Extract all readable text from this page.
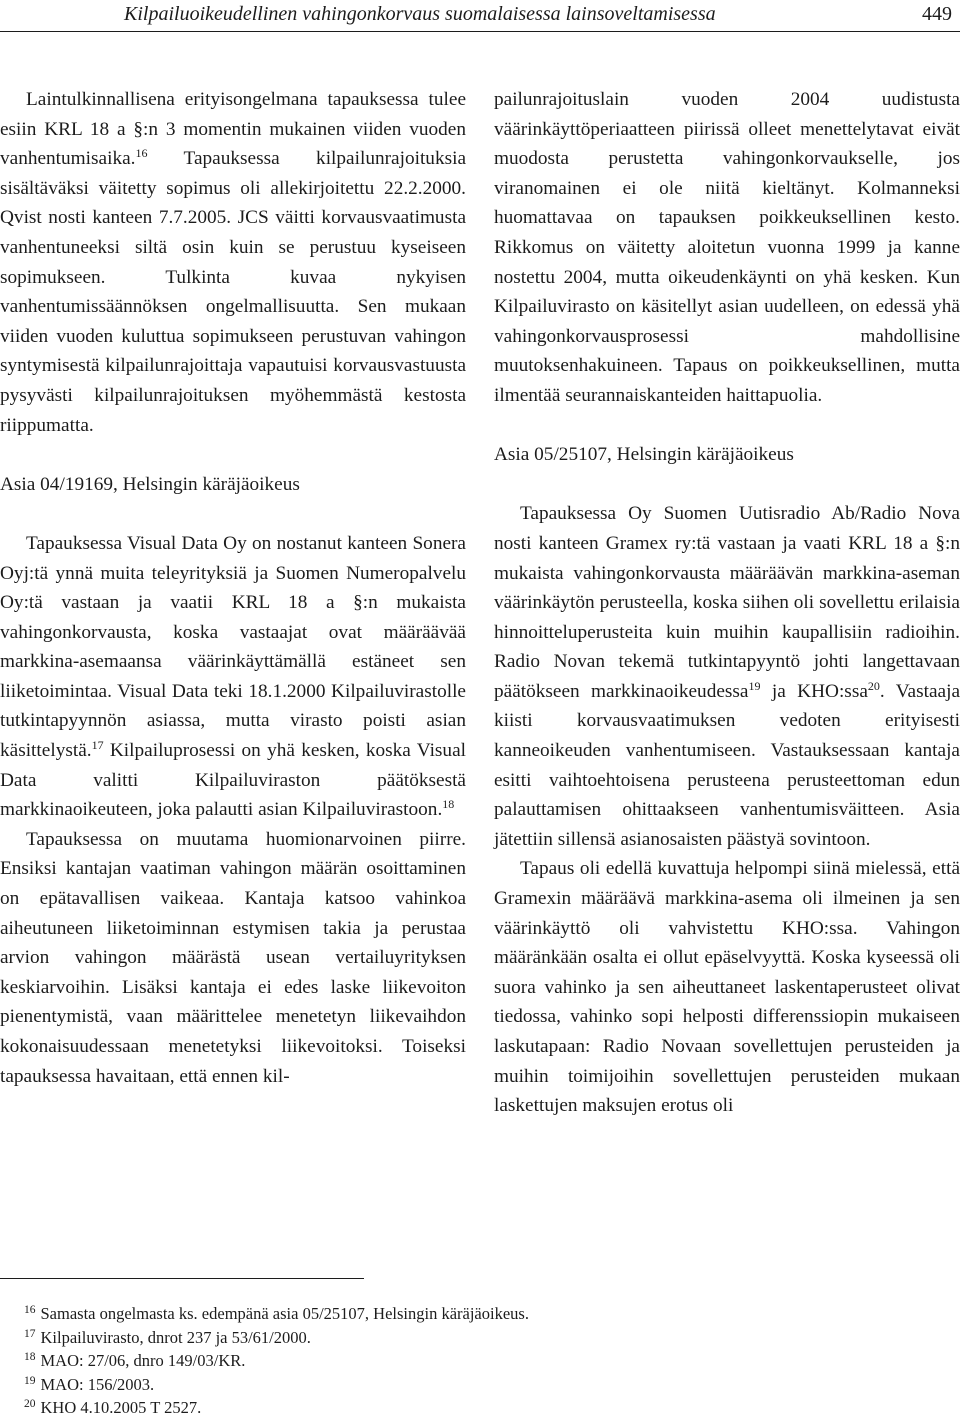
Kilpailuoikeudellinen vahingonkorvaus suomalaisessa lainsoveltamisessa	449

Laintulkinnallisena erityisongelmana tapauksessa tulee esiin KRL 18 a §:n 3 momentin mukainen viiden vuoden vanhentumisaika.$^{16}$ Tapauksessa kilpailunrajoituksia sisältäväksi väitetty sopimus oli allekirjoitettu 22.2.2000. Qvist nosti kanteen 7.7.2005. JCS väitti korvausvaatimusta vanhentuneeksi siltä osin kuin se perustuu kyseiseen sopimukseen. Tulkinta kuvaa nykyisen vanhentumissäännöksen ongelmallisuutta. Sen mukaan viiden vuoden kuluttua sopimukseen perustuvan vahingon syntymisestä kilpailunrajoittaja vapautuisi korvausvastuusta pysyvästi kilpailunrajoituksen myöhemmästä kestosta riippumatta.

Asia 04/19169, Helsingin käräjäoikeus

Tapauksessa Visual Data Oy on nostanut kanteen Sonera Oyj:tä ynnä muita teleyrityksiä ja Suomen Numeropalvelu Oy:tä vastaan ja vaatii KRL 18 a §:n mukaista vahingonkorvausta, koska vastaajat ovat määräävää markkina-asemaansa väärinkäyttämällä estäneet sen liiketoimintaa. Visual Data teki 18.1.2000 Kilpailuvirastolle tutkintapyynnön asiassa, mutta virasto poisti asian käsittelystä.$^{17}$ Kilpailuprosessi on yhä kesken, koska Visual Data valitti Kilpailuviraston päätöksestä markkinaoikeuteen, joka palautti asian Kilpailuvirastoon.$^{18}$

Tapauksessa on muutama huomionarvoinen piirre. Ensiksi kantajan vaatiman vahingon määrän osoittaminen on epätavallisen vaikeaa. Kantaja katsoo vahinkoa aiheutuneen liiketoiminnan estymisen takia ja perustaa arvion vahingon määrästä usean vertailuyrityksen keskiarvoihin. Lisäksi kantaja ei edes laske liikevoiton pienentymistä, vaan määrittelee menetetyn liikevaihdon kokonaisuudessaan menetetyksi liikevoitoksi. Toiseksi tapauksessa havaitaan, että ennen kil-

pailunrajoituslain vuoden 2004 uudistusta väärinkäyttöperiaatteen piirissä olleet menettelytavat eivät muodosta perustetta vahingonkorvaukselle, jos viranomainen ei ole niitä kieltänyt. Kolmanneksi huomattavaa on tapauksen poikkeuksellinen kesto. Rikkomus on väitetty aloitetun vuonna 1999 ja kanne nostettu 2004, mutta oikeudenkäynti on yhä kesken. Kun Kilpailuvirasto on käsitellyt asian uudelleen, on edessä yhä vahingonkorvausprosessi mahdollisine muutoksenhakuineen. Tapaus on poikkeuksellinen, mutta ilmentää seurannaiskanteiden haittapuolia.

Asia 05/25107, Helsingin käräjäoikeus

Tapauksessa Oy Suomen Uutisradio Ab/Radio Nova nosti kanteen Gramex ry:tä vastaan ja vaati KRL 18 a §:n mukaista vahingonkorvausta määräävän markkina-aseman väärinkäytön perusteella, koska siihen oli sovellettu erilaisia hinnoitteluperusteita kuin muihin kaupallisiin radioihin. Radio Novan tekemä tutkintapyyntö johti langettavaan päätökseen markkinaoikeudessa$^{19}$ ja KHO:ssa$^{20}$. Vastaaja kiisti korvausvaatimuksen vedoten erityisesti kanneoikeuden vanhentumiseen. Vastauksessaan kantaja esitti vaihtoehtoisena perusteena perusteettoman edun palauttamisen ohittaakseen vanhentumisväitteen. Asia jätettiin sillensä asianosaisten päästyä sovintoon.

Tapaus oli edellä kuvattuja helpompi siinä mielessä, että Gramexin määräävä markkina-asema oli ilmeinen ja sen väärinkäyttö oli vahvistettu KHO:ssa. Vahingon määränkään osalta ei ollut epäselvyyttä. Koska kyseessä oli suora vahinko ja sen aiheuttaneet laskentaperusteet olivat tiedossa, vahinko sopi helposti differenssiopin mukaiseen laskutapaan: Radio Novaan sovellettujen perusteiden ja muihin toimijoihin sovellettujen perusteiden mukaan laskettujen maksujen erotus oli

$^{16}$ Samasta ongelmasta ks. edempänä asia 05/25107, Helsingin käräjäoikeus.
$^{17}$ Kilpailuvirasto, dnrot 237 ja 53/61/2000.
$^{18}$ MAO: 27/06, dnro 149/03/KR.
$^{19}$ MAO: 156/2003.
$^{20}$ KHO 4.10.2005 T 2527.
